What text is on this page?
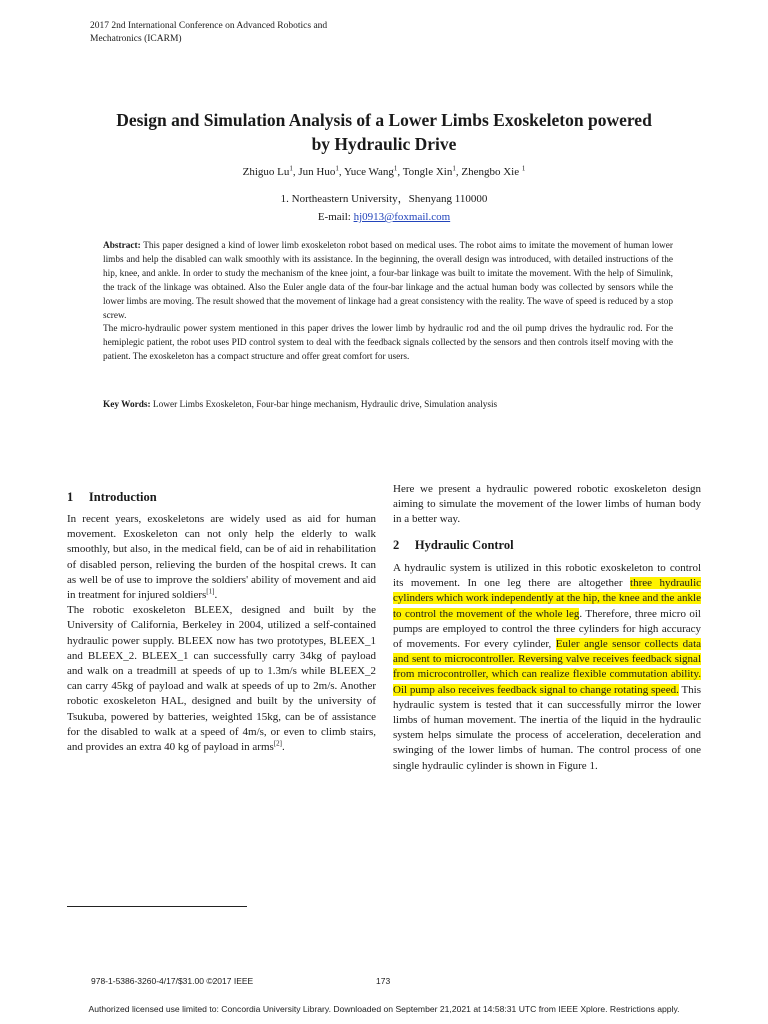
2017 2nd International Conference on Advanced Robotics and
Mechatronics (ICARM)
Design and Simulation Analysis of a Lower Limbs Exoskeleton powered
by Hydraulic Drive
Zhiguo Lu$^1$, Jun Huo$^1$, Yuce Wang$^1$, Tongle Xin$^1$, Zhengbo Xie $^1$
1. Northeastern University，Shenyang 110000
E-mail: hj0913@foxmail.com

Abstract: This paper designed a kind of lower limb exoskeleton robot based on medical uses. The robot aims to imitate the movement of human lower limbs and help the disabled can walk smoothly with its assistance. In the beginning, the overall design was introduced, with detailed instructions of the hip, knee, and ankle. In order to study the mechanism of the knee joint, a four-bar linkage was built to imitate the movement. With the help of Simulink, the track of the linkage was obtained. Also the Euler angle data of the four-bar linkage and the actual human body was collected by sensors while the lower limbs are moving. The result showed that the movement of linkage had a great consistency with the reality. The wave of speed is reduced by a stop screw.

The micro-hydraulic power system mentioned in this paper drives the lower limb by hydraulic rod and the oil pump drives the hydraulic rod. For the hemiplegic patient, the robot uses PID control system to deal with the feedback signals collected by the sensors and then controls itself moving with the patient. The exoskeleton has a compact structure and offer great comfort for users.

Key Words: Lower Limbs Exoskeleton, Four-bar hinge mechanism, Hydraulic drive, Simulation analysis
1 Introduction

In recent years, exoskeletons are widely used as aid for human movement. Exoskeleton can not only help the elderly to walk smoothly, but also, in the medical field, can be of aid in rehabilitation of disabled person, relieving the burden of the hospital crews. It can as well be of use to improve the soldiers' ability of movement and aid in treatment for injured soldiers[1].

The robotic exoskeleton BLEEX, designed and built by the University of California, Berkeley in 2004, utilized a self-contained hydraulic power supply. BLEEX now has two prototypes, BLEEX_1 and BLEEX_2. BLEEX_1 can successfully carry 34kg of payload and walk on a treadmill at speeds of up to 1.3m/s while BLEEX_2 can carry 45kg of payload and walk at speeds of up to 2m/s. Another robotic exoskeleton HAL, designed and built by the university of Tsukuba, powered by batteries, weighted 15kg, can be of assistance for the disabled to walk at a speed of 4m/s, or even to climb stairs, and provides an extra 40 kg of payload in arms[2].

Here we present a hydraulic powered robotic exoskeleton design aiming to simulate the movement of the lower limbs of human body in a better way.

2 Hydraulic Control

A hydraulic system is utilized in this robotic exoskeleton to control its movement. In one leg there are altogether three hydraulic cylinders which work independently at the hip, the knee and the ankle to control the movement of the whole leg. Therefore, three micro oil pumps are employed to control the three cylinders for high accuracy of movements. For every cylinder, Euler angle sensor collects data and sent to microcontroller. Reversing valve receives feedback signal from microcontroller, which can realize flexible commutation ability. Oil pump also receives feedback signal to change rotating speed. This hydraulic system is tested that it can successfully mirror the lower limbs of human movement. The inertia of the liquid in the hydraulic system helps simulate the process of acceleration, deceleration and swinging of the lower limbs of human. The control process of one single hydraulic cylinder is shown in Figure 1.

978-1-5386-3260-4/17/$31.00 ©2017 IEEE	173
Authorized licensed use limited to: Concordia University Library. Downloaded on September 21,2021 at 14:58:31 UTC from IEEE Xplore. Restrictions apply.
